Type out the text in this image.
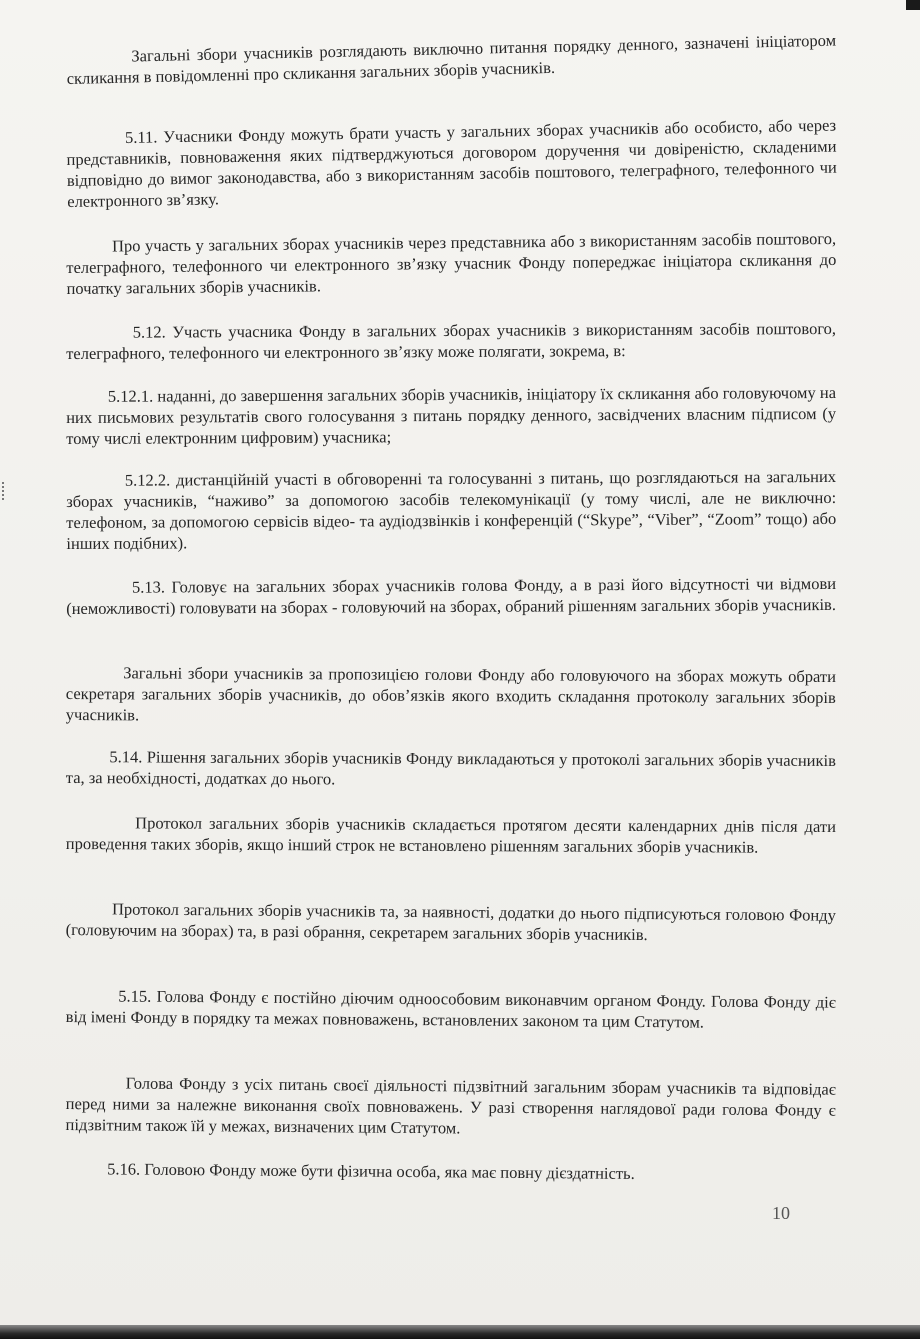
Загальні збори учасників розглядають виключно питання порядку денного, зазначені ініціатором скликання в повідомленні про скликання загальних зборів учасників.

5.11. Учасники Фонду можуть брати участь у загальних зборах учасників або особисто, або через представників, повноваження яких підтверджуються договором доручення чи довіреністю, складеними відповідно до вимог законодавства, або з використанням засобів поштового, телеграфного, телефонного чи електронного зв’язку.

Про участь у загальних зборах учасників через представника або з використанням засобів поштового, телеграфного, телефонного чи електронного зв’язку учасник Фонду попереджає ініціатора скликання до початку загальних зборів учасників.

5.12. Участь учасника Фонду в загальних зборах учасників з використанням засобів поштового, телеграфного, телефонного чи електронного зв’язку може полягати, зокрема, в:

5.12.1. наданні, до завершення загальних зборів учасників, ініціатору їх скликання або головуючому на них письмових результатів свого голосування з питань порядку денного, засвідчених власним підписом (у тому числі електронним цифровим) учасника;

5.12.2. дистанційній участі в обговоренні та голосуванні з питань, що розглядаються на загальних зборах учасників, “наживо” за допомогою засобів телекомунікації (у тому числі, але не виключно: телефоном, за допомогою сервісів відео- та аудіодзвінків і конференцій (“Skype”, “Viber”, “Zoom” тощо) або інших подібних).

5.13. Головує на загальних зборах учасників голова Фонду, а в разі його відсутності чи відмови (неможливості) головувати на зборах - головуючий на зборах, обраний рішенням загальних зборів учасників.

Загальні збори учасників за пропозицією голови Фонду або головуючого на зборах можуть обрати секретаря загальних зборів учасників, до обов’язків якого входить складання протоколу загальних зборів учасників.

5.14. Рішення загальних зборів учасників Фонду викладаються у протоколі загальних зборів учасників та, за необхідності, додатках до нього.

Протокол загальних зборів учасників складається протягом десяти календарних днів після дати проведення таких зборів, якщо інший строк не встановлено рішенням загальних зборів учасників.

Протокол загальних зборів учасників та, за наявності, додатки до нього підписуються головою Фонду (головуючим на зборах) та, в разі обрання, секретарем загальних зборів учасників.

5.15. Голова Фонду є постійно діючим одноособовим виконавчим органом Фонду. Голова Фонду діє від імені Фонду в порядку та межах повноважень, встановлених законом та цим Статутом.

Голова Фонду з усіх питань своєї діяльності підзвітний загальним зборам учасників та відповідає перед ними за належне виконання своїх повноважень. У разі створення наглядової ради голова Фонду є підзвітним також їй у межах, визначених цим Статутом.

5.16. Головою Фонду може бути фізична особа, яка має повну дієздатність.

10
